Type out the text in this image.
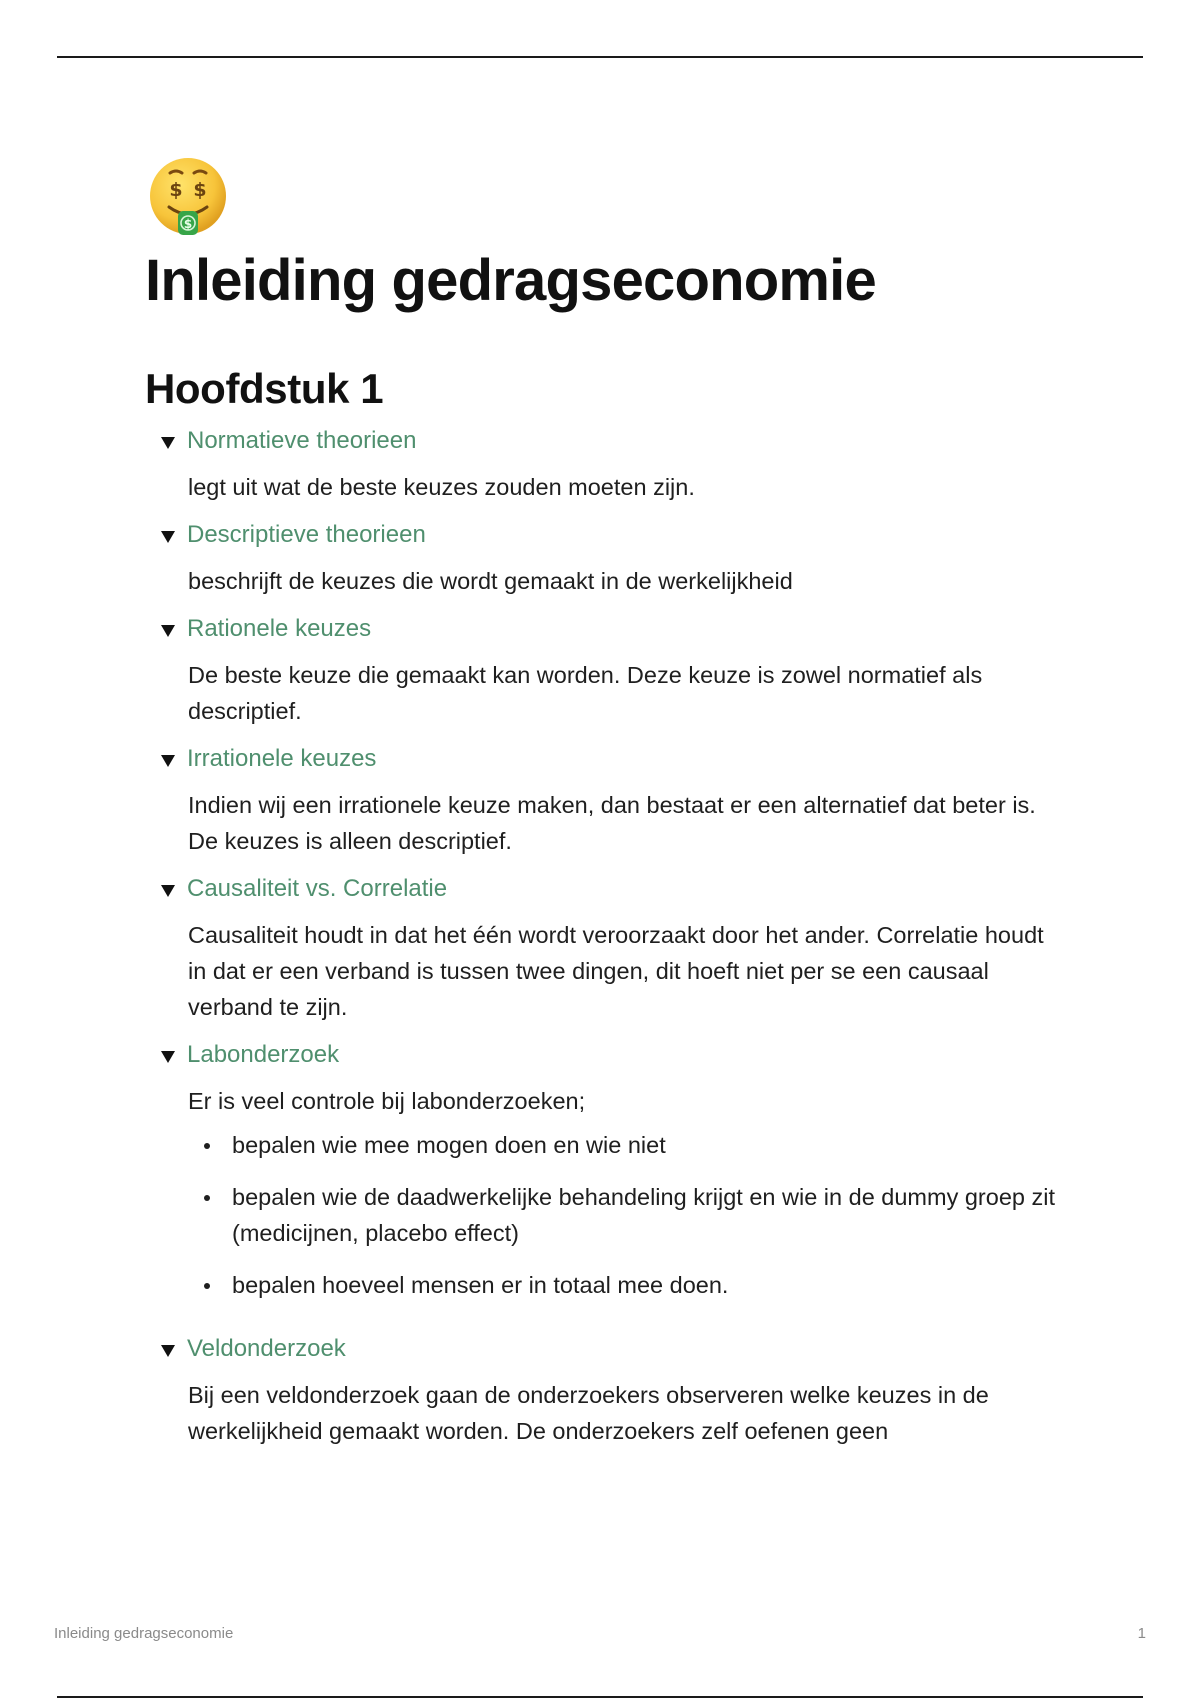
$ $
$
Inleiding gedragseconomie
Hoofdstuk 1
Normatieve theorieen

legt uit wat de beste keuzes zouden moeten zijn.

Descriptieve theorieen

beschrijft de keuzes die wordt gemaakt in de werkelijkheid

Rationele keuzes

De beste keuze die gemaakt kan worden. Deze keuze is zowel normatief als descriptief.

Irrationele keuzes

Indien wij een irrationele keuze maken, dan bestaat er een alternatief dat beter is. De keuzes is alleen descriptief.

Causaliteit vs. Correlatie

Causaliteit houdt in dat het één wordt veroorzaakt door het ander. Correlatie houdt in dat er een verband is tussen twee dingen, dit hoeft niet per se een causaal verband te zijn.

Labonderzoek

Er is veel controle bij labonderzoeken;

bepalen wie mee mogen doen en wie niet
bepalen wie de daadwerkelijke behandeling krijgt en wie in de dummy groep zit (medicijnen, placebo effect)
bepalen hoeveel mensen er in totaal mee doen.
Veldonderzoek

Bij een veldonderzoek gaan de onderzoekers observeren welke keuzes in de werkelijkheid gemaakt worden. De onderzoekers zelf oefenen geen

Inleiding gedragseconomie	1
